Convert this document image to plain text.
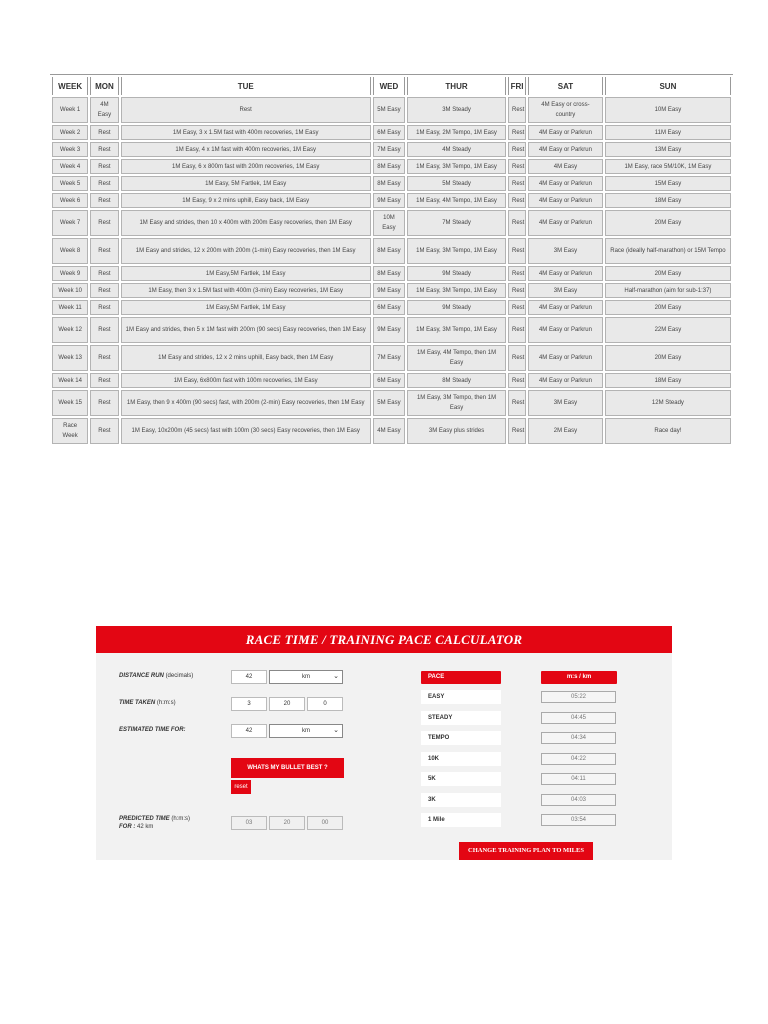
WEEK	MON	TUE	WED	THUR	FRI	SAT	SUN
Week 1	4M Easy	Rest	5M Easy	3M Steady	Rest	4M Easy or cross-country	10M Easy
Week 2	Rest	1M Easy, 3 x 1.5M fast with 400m recoveries, 1M Easy	6M Easy	1M Easy, 2M Tempo, 1M Easy	Rest	4M Easy or Parkrun	11M Easy
Week 3	Rest	1M Easy, 4 x 1M fast with 400m recoveries, 1M Easy	7M Easy	4M Steady	Rest	4M Easy or Parkrun	13M Easy
Week 4	Rest	1M Easy, 6 x 800m fast with 200m recoveries, 1M Easy	8M Easy	1M Easy, 3M Tempo, 1M Easy	Rest	4M Easy	1M Easy, race 5M/10K, 1M Easy
Week 5	Rest	1M Easy, 5M Fartlek, 1M Easy	8M Easy	5M Steady	Rest	4M Easy or Parkrun	15M Easy
Week 6	Rest	1M Easy, 9 x 2 mins uphill, Easy back, 1M Easy	9M Easy	1M Easy, 4M Tempo, 1M Easy	Rest	4M Easy or Parkrun	18M Easy
Week 7	Rest	1M Easy and strides, then 10 x 400m with 200m Easy recoveries, then 1M Easy	10M Easy	7M Steady	Rest	4M Easy or Parkrun	20M Easy
Week 8	Rest	1M Easy and strides, 12 x 200m with 200m (1-min) Easy recoveries, then 1M Easy	8M Easy	1M Easy, 3M Tempo, 1M Easy	Rest	3M Easy	Race (ideally half-marathon) or 15M Tempo
Week 9	Rest	1M Easy,5M Fartlek, 1M Easy	8M Easy	9M Steady	Rest	4M Easy or Parkrun	20M Easy
Week 10	Rest	1M Easy, then 3 x 1.5M fast with 400m (3-min) Easy recoveries, 1M Easy	9M Easy	1M Easy, 3M Tempo, 1M Easy	Rest	3M Easy	Half-marathon (aim for sub-1:37)
Week 11	Rest	1M Easy,5M Fartlek, 1M Easy	6M Easy	9M Steady	Rest	4M Easy or Parkrun	20M Easy
Week 12	Rest	1M Easy and strides, then 5 x 1M fast with 200m (90 secs) Easy recoveries, then 1M Easy	9M Easy	1M Easy, 3M Tempo, 1M Easy	Rest	4M Easy or Parkrun	22M Easy
Week 13	Rest	1M Easy and strides, 12 x 2 mins uphill, Easy back, then 1M Easy	7M Easy	1M Easy, 4M Tempo, then 1M Easy	Rest	4M Easy or Parkrun	20M Easy
Week 14	Rest	1M Easy, 6x800m fast with 100m recoveries, 1M Easy	6M Easy	8M Steady	Rest	4M Easy or Parkrun	18M Easy
Week 15	Rest	1M Easy, then 9 x 400m (90 secs) fast, with 200m (2-min) Easy recoveries, then 1M Easy	5M Easy	1M Easy, 3M Tempo, then 1M Easy	Rest	3M Easy	12M Steady
Race Week	Rest	1M Easy, 10x200m (45 secs) fast with 100m (30 secs) Easy recoveries, then 1M Easy	4M Easy	3M Easy plus strides	Rest	2M Easy	Race day!
RACE TIME / TRAINING PACE CALCULATOR
DISTANCE RUN (decimals)	42	km	⌄
TIME TAKEN (h:m:s)	3	20	0
ESTIMATED TIME FOR:	42	km	⌄
WHATS MY BULLET BEST ?
reset
PREDICTED TIME (h:m:s)
FOR : 42 km
03	20	00
PACE	m:s / km
EASY	05:22
STEADY	04:45
TEMPO	04:34
10K	04:22
5K	04:11
3K	04:03
1 Mile	03:54
CHANGE TRAINING PLAN TO MILES
